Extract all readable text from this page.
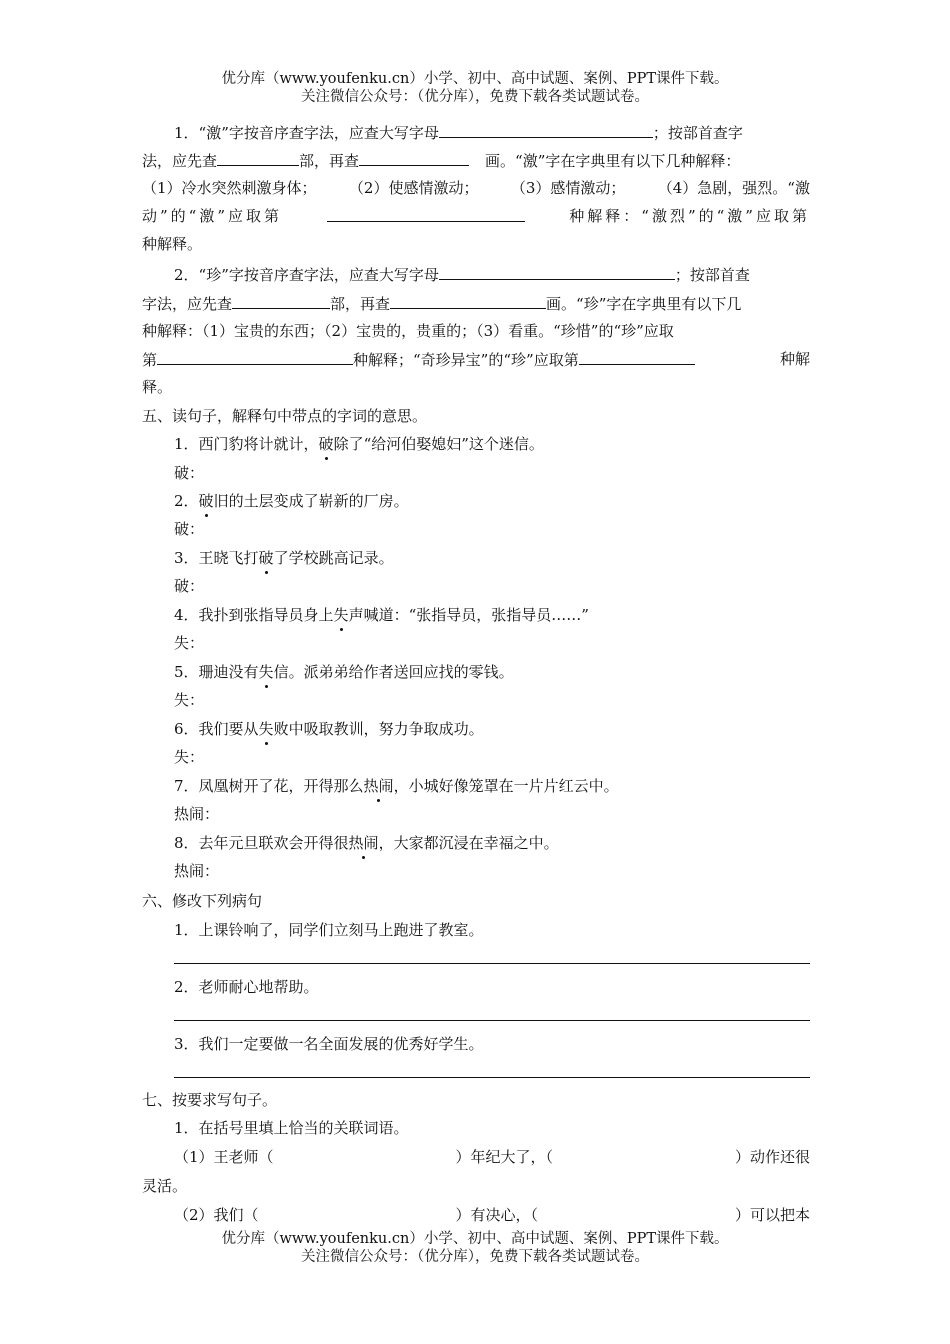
优分库（www.youfenku.cn）小学、初中、高中试题、案例、PPT课件下载。
关注微信公众号：（优分库），免费下载各类试题试卷。
1．“激”字按音序查字法，应查大写字母	；按部首查字
法，应先查	部，再查	画。“激”字在字典里有以下几种解释：
（1）冷水突然刺激身体； （2）使感情激动； （3）感情激动； （4）急剧，强烈。“激
动”的“激”应取第	种解释：“激烈”的“激”应取第
种解释。
2．“珍”字按音序查字法，应查大写字母	；按部首查
字法，应先查	部，再查	画。“珍”字在字典里有以下几
种解释：（1）宝贵的东西；（2）宝贵的，贵重的；（3）看重。“珍惜”的“珍”应取
第	种解释；“奇珍异宝”的“珍”应取第	种解
释。
五、读句子，解释句中带点的字词的意思。
1．西门豹将计就计，破除了“给河伯娶媳妇”这个迷信。
破：
2．破旧的土层变成了崭新的厂房。
破：
3．王晓飞打破了学校跳高记录。
破：
4．我扑到张指导员身上失声喊道：“张指导员，张指导员……”
失：
5．珊迪没有失信。派弟弟给作者送回应找的零钱。
失：
6．我们要从失败中吸取教训，努力争取成功。
失：
7．凤凰树开了花，开得那么热闹，小城好像笼罩在一片片红云中。
热闹：
8．去年元旦联欢会开得很热闹，大家都沉浸在幸福之中。
热闹：
六、修改下列病句
1．上课铃响了，同学们立刻马上跑进了教室。
2．老师耐心地帮助。
3．我们一定要做一名全面发展的优秀好学生。
七、按要求写句子。
1．在括号里填上恰当的关联词语。
（1）王老师（	）年纪大了，（	）动作还很
灵活。
（2）我们（	）有决心，（	）可以把本
优分库（www.youfenku.cn）小学、初中、高中试题、案例、PPT课件下载。
关注微信公众号：（优分库），免费下载各类试题试卷。
